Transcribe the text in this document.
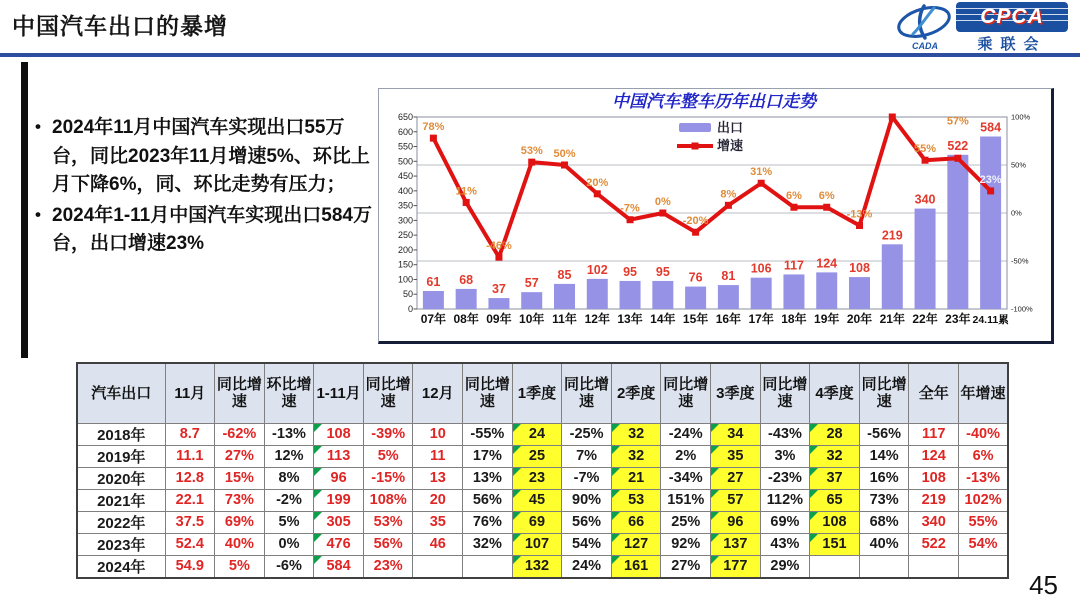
中国汽车出口的暴增
CADA
CPCA
乘联会
• 2024年11月中国汽车实现出口55万台，同比2023年11月增速5%、环比上月下降6%，同、环比走势有压力；
• 2024年1-11月中国汽车实现出口584万台，出口增速23%
中国汽车整车历年出口走势
0
50
100
150
200
250
300
350
400
450
500
550
600
650	100%
50%
0%
-50%
-100%
61 68
37 57
85 102 95 95 76 81
106 117 124 108
219
340
522
584
78%
11%
-46%
53% 50%
20%
-7%
0%
-20%
8%
31%
6% 6%
-13%
55%
57%
23%
07年 08年 09年 10年 11年 12年 13年 14年 15年 16年 17年 18年 19年 20年 21年 22年 23年 24.11累
出口
增速
汽车出口	11月	同比增速	环比增速	1-11月	同比增速	12月	同比增速	1季度	同比增速	2季度	同比增速	3季度	同比增速	4季度	同比增速	全年	年增速
2018年	8.7	-62%	-13%	108	-39%	10	-55%	24	-25%	32	-24%	34	-43%	28	-56%	117	-40%
2019年	11.1	27%	12%	113	5%	11	17%	25	7%	32	2%	35	3%	32	14%	124	6%
2020年	12.8	15%	8%	96	-15%	13	13%	23	-7%	21	-34%	27	-23%	37	16%	108	-13%
2021年	22.1	73%	-2%	199	108%	20	56%	45	90%	53	151%	57	112%	65	73%	219	102%
2022年	37.5	69%	5%	305	53%	35	76%	69	56%	66	25%	96	69%	108	68%	340	55%
2023年	52.4	40%	0%	476	56%	46	32%	107	54%	127	92%	137	43%	151	40%	522	54%
2024年	54.9	5%	-6%	584	23%			132	24%	161	27%	177	29%				
45
